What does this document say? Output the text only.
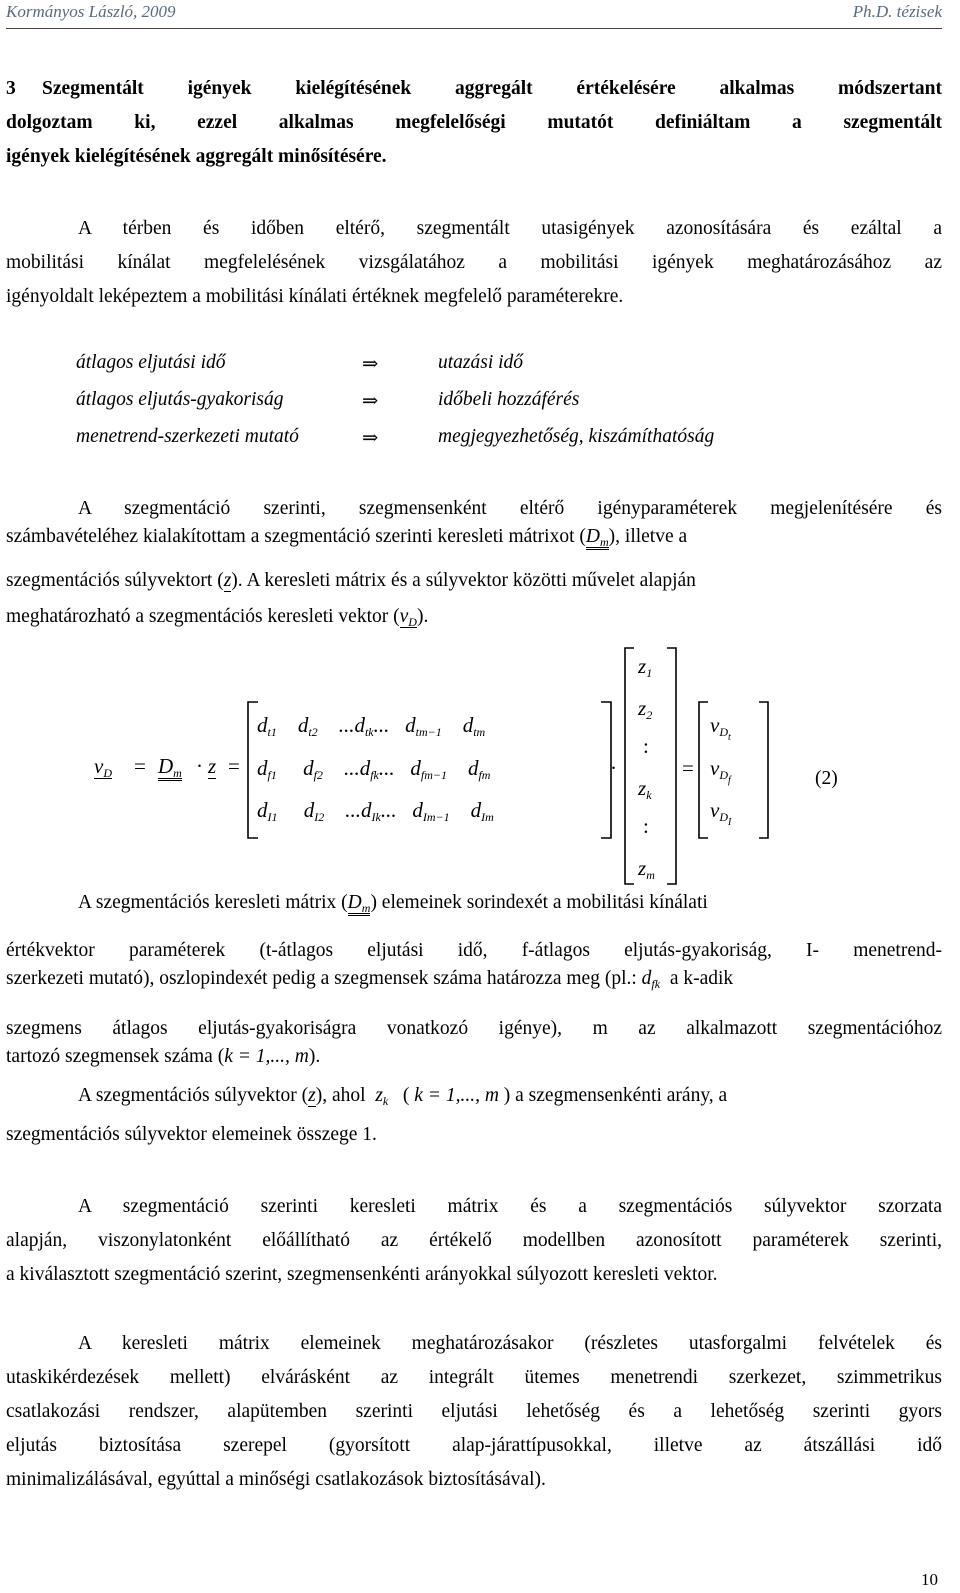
Kormányos László, 2009	Ph.D. tézisek
3 Szegmentált igények kielégítésének aggregált értékelésére alkalmas módszertant
dolgoztam ki, ezzel alkalmas megfelelőségi mutatót definiáltam a szegmentált
igények kielégítésének aggregált minősítésére.
A térben és időben eltérő, szegmentált utasigények azonosítására és ezáltal a
mobilitási kínálat megfelelésének vizsgálatához a mobilitási igények meghatározásához az
igényoldalt leképeztem a mobilitási kínálati értéknek megfelelő paraméterekre.
átlagos eljutási idő	⇒	utazási idő
átlagos eljutás-gyakoriság	⇒	időbeli hozzáférés
menetrend-szerkezeti mutató	⇒	megjegyezhetőség, kiszámíthatóság
A szegmentáció szerinti, szegmensenként eltérő igényparaméterek megjelenítésére és
számbavételéhez kialakítottam a szegmentáció szerinti keresleti mátrixot $(D_m)$, illetve a
szegmentációs súlyvektort (z). A keresleti mátrix és a súlyvektor közötti művelet alapján
meghatározható a szegmentációs keresleti vektor $(v_D)$.
$v_D = D_m \cdot z$ =
$d_{t1}$    $d_{t2}$    $...d_{tk}$...   $d_{tm-1}$    $d_{tm}$
$d_{f1}$     $d_{f2}$    $...d_{fk}$...   $d_{fm-1}$    $d_{fm}$
$d_{I1}$     $d_{I2}$    $...d_{Ik}$...   $d_{Im-1}$    $d_{Im}$
·
$z_1$
$z_2$
:
$z_k$
:
$z_m$
=
$v_{D_t}$
$v_{D_f}$
$v_{D_I}$
(2)
A szegmentációs keresleti mátrix $(D_m)$ elemeinek sorindexét a mobilitási kínálati
értékvektor paraméterek (t-átlagos eljutási idő, f-átlagos eljutás-gyakoriság, I- menetrend-
szerkezeti mutató), oszlopindexét pedig a szegmensek száma határozza meg (pl.: $d_{fk}$ a k-adik
szegmens átlagos eljutás-gyakoriságra vonatkozó igénye), m az alkalmazott szegmentációhoz
tartozó szegmensek száma (k = 1,..., m).
A szegmentációs súlyvektor (z), ahol $z_k$ ( k = 1,..., m ) a szegmensenkénti arány, a
szegmentációs súlyvektor elemeinek összege 1.
A szegmentáció szerinti keresleti mátrix és a szegmentációs súlyvektor szorzata
alapján, viszonylatonként előállítható az értékelő modellben azonosított paraméterek szerinti,
a kiválasztott szegmentáció szerint, szegmensenkénti arányokkal súlyozott keresleti vektor.
A keresleti mátrix elemeinek meghatározásakor (részletes utasforgalmi felvételek és
utaskikérdezések mellett) elvárásként az integrált ütemes menetrendi szerkezet, szimmetrikus
csatlakozási rendszer, alapütemben szerinti eljutási lehetőség és a lehetőség szerinti gyors
eljutás biztosítása szerepel (gyorsított alap-járattípusokkal, illetve az átszállási idő
minimalizálásával, egyúttal a minőségi csatlakozások biztosításával).
10
